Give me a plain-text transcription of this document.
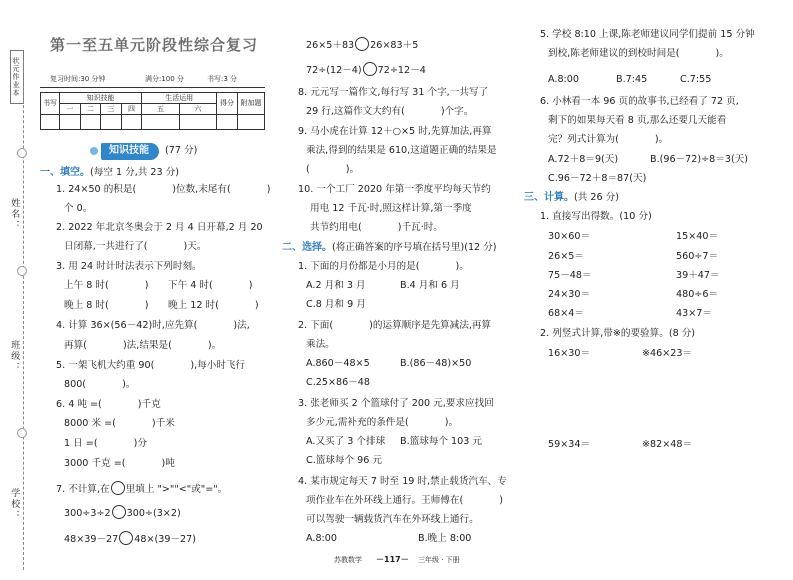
状元作业本
姓名：
班级：
学校：
第一至五单元阶段性综合复习
复习时间:30 分钟	满分:100 分	书写:3 分
书写	知识技能				生活运用		得分	附加题
	一	二	三	四	五	六		

知识技能	(77 分)
一、填空。(每空 1 分,共 23 分)
1. 24×50 的积是(	)位数,末尾有(	)
个 0。
2. 2022 年北京冬奥会于 2 月 4 日开幕,2 月 20
日闭幕,一共进行了(	)天。
3. 用 24 时计时法表示下列时刻。
上午 8 时(	) 下午 4 时(	)
晚上 8 时(	) 晚上 12 时(	)
4. 计算 36×(56－42)时,应先算(	)法,
再算(	)法,结果是(	)。
5. 一架飞机大约重 90(	),每小时飞行
800(	)。
6. 4 吨 =(	)千克
8000 米 =(	)千米
1 日 =(	)分
3000 千克 =(	)吨
7. 不计算,在 里填上 ">""<"或"="。
300÷3÷2 300÷(3×2)
48×39－27 48×(39－27)
26×5＋83 26×83＋5
72÷(12－4) 72÷12－4
8. 元元写一篇作文,每行写 31 个字,一共写了
29 行,这篇作文大约有(	)个字。
9. 马小虎在计算 12＋○×5 时,先算加法,再算
乘法,得到的结果是 610,这道题正确的结果是
(	)。
10. 一个工厂 2020 年第一季度平均每天节约
用电 12 千瓦·时,照这样计算,第一季度
共节约用电(	)千瓦·时。
二、选择。(将正确答案的序号填在括号里)(12 分)
1. 下面的月份都是小月的是(	)。
A.2 月和 3 月	B.4 月和 6 月
C.8 月和 9 月
2. 下面(	)的运算顺序是先算减法,再算
乘法。
A.860－48×5	B.(86－48)×50
C.25×86－48
3. 张老师买 2 个篮球付了 200 元,要求应找回
多少元,需补充的条件是(	)。
A.又买了 3 个排球 B.篮球每个 103 元
C.篮球每个 96 元
4. 某市规定每天 7 时至 19 时,禁止载货汽车、专
项作业车在外环线上通行。王师傅在(	)
可以驾驶一辆载货汽车在外环线上通行。
A.8:00	B.晚上 8:00
5. 学校 8:10 上课,陈老师建议同学们提前 15 分钟
到校,陈老师建议的到校时间是(	)。
A.8:00	B.7:45	C.7:55
6. 小林看一本 96 页的故事书,已经看了 72 页,
剩下的如果每天看 8 页,那么还要几天能看
完？列式计算为(	)。
A.72＋8＝9(天)	B.(96－72)÷8＝3(天)
C.96－72＋8＝87(天)
三、计算。(共 26 分)
1. 直接写出得数。(10 分)
30×60＝	15×40＝
26×5＝	560÷7＝
75－48＝	39＋47＝
24×30＝	480÷6＝
68×4＝	43×7＝
2. 列竖式计算,带※的要验算。(8 分)
16×30＝	※46×23＝
59×34＝	※82×48＝
苏教数学 －117－ 三年级 · 下册
